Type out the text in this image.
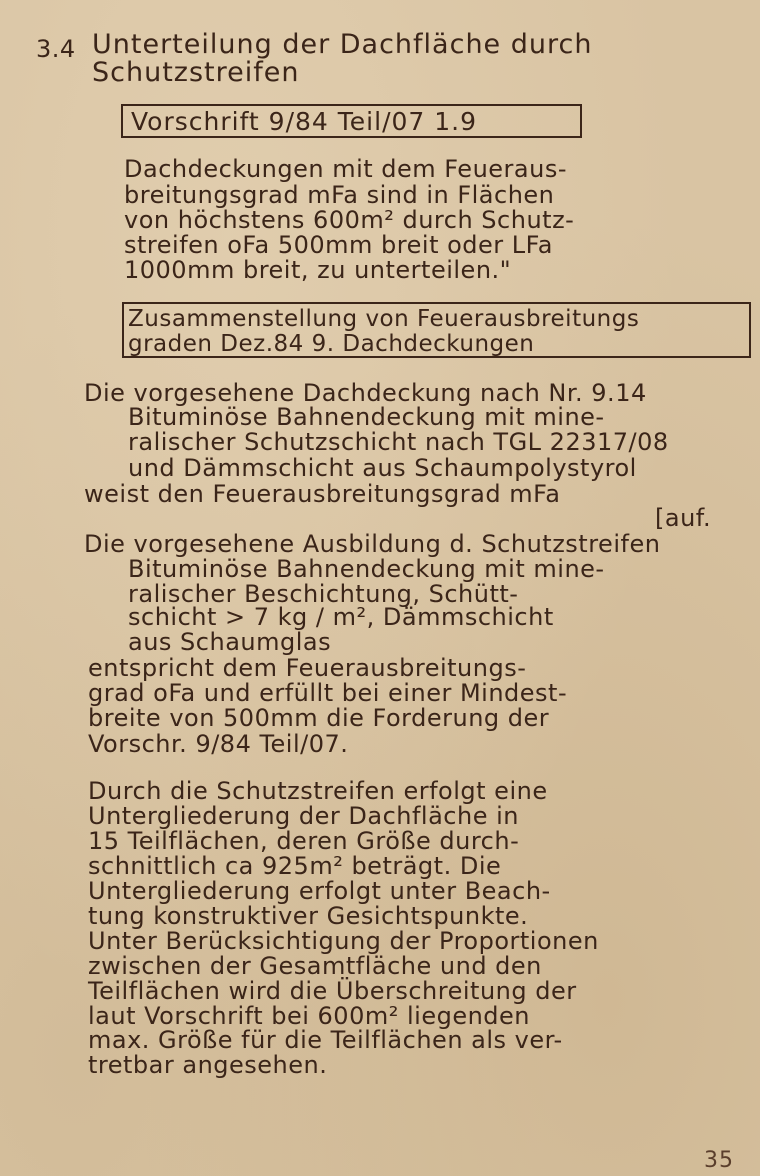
3.4 Unterteilung der Dachfläche durch
Schutzstreifen
Vorschrift 9/84 Teil/07 1.9
Dachdeckungen mit dem Feueraus-
breitungsgrad mFa sind in Flächen
von höchstens 600m² durch Schutz-
streifen oFa 500mm breit oder LFa
1000mm breit, zu unterteilen."
Zusammenstellung von Feuerausbreitungs
graden Dez.84 9. Dachdeckungen
Die vorgesehene Dachdeckung nach Nr. 9.14
Bituminöse Bahnendeckung mit mine-
ralischer Schutzschicht nach TGL 22317/08
und Dämmschicht aus Schaumpolystyrol
weist den Feuerausbreitungsgrad mFa
[auf.
Die vorgesehene Ausbildung d. Schutzstreifen
Bituminöse Bahnendeckung mit mine-
ralischer Beschichtung, Schütt-
schicht > 7 kg / m², Dämmschicht
aus Schaumglas
entspricht dem Feuerausbreitungs-
grad oFa und erfüllt bei einer Mindest-
breite von 500mm die Forderung der
Vorschr. 9/84 Teil/07.
Durch die Schutzstreifen erfolgt eine
Untergliederung der Dachfläche in
15 Teilflächen, deren Größe durch-
schnittlich ca 925m² beträgt. Die
Untergliederung erfolgt unter Beach-
tung konstruktiver Gesichtspunkte.
Unter Berücksichtigung der Proportionen
zwischen der Gesamtfläche und den
Teilflächen wird die Überschreitung der
laut Vorschrift bei 600m² liegenden
max. Größe für die Teilflächen als ver-
tretbar angesehen.
35
